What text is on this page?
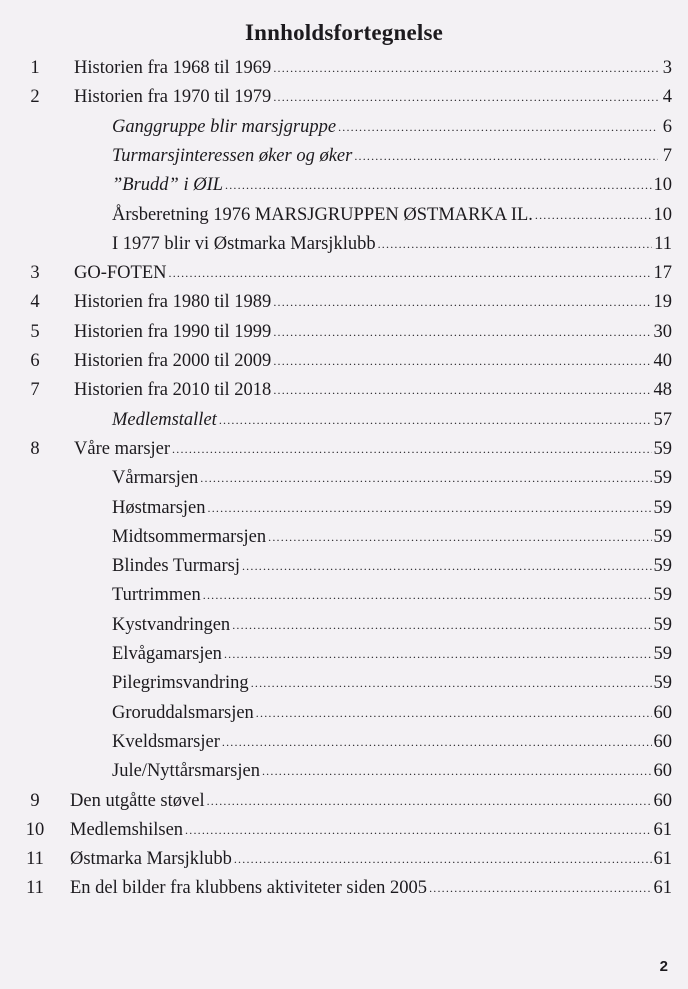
Innholdsfortegnelse
1	Historien fra 1968 til 1969 .....	3
2	Historien fra 1970 til 1979 .....	4
Ganggruppe blir marsjgruppe .....	6
Turmarsjinteressen øker og øker .....	7
”Brudd” i ØIL .....	10
Årsberetning 1976 MARSJGRUPPEN ØSTMARKA IL. .....	10
I 1977 blir vi Østmarka Marsjklubb .....	11
3	GO-FOTEN .....	17
4	Historien fra 1980 til 1989 .....	19
5	Historien fra 1990 til 1999 .....	30
6	Historien fra 2000 til 2009 .....	40
7	Historien fra 2010 til 2018 .....	48
Medlemstallet .....	57
8	Våre marsjer .....	59
Vårmarsjen .....	59
Høstmarsjen .....	59
Midtsommermarsjen .....	59
Blindes Turmarsj .....	59
Turtrimmen .....	59
Kystvandringen .....	59
Elvågamarsjen .....	59
Pilegrimsvandring .....	59
Groruddalsmarsjen .....	60
Kveldsmarsjer .....	60
Jule/Nyttårsmarsjen .....	60
9	Den utgåtte støvel .....	60
10	Medlemshilsen .....	61
11	Østmarka Marsjklubb .....	61
11	En del bilder fra klubbens aktiviteter siden 2005 .....	61
2
